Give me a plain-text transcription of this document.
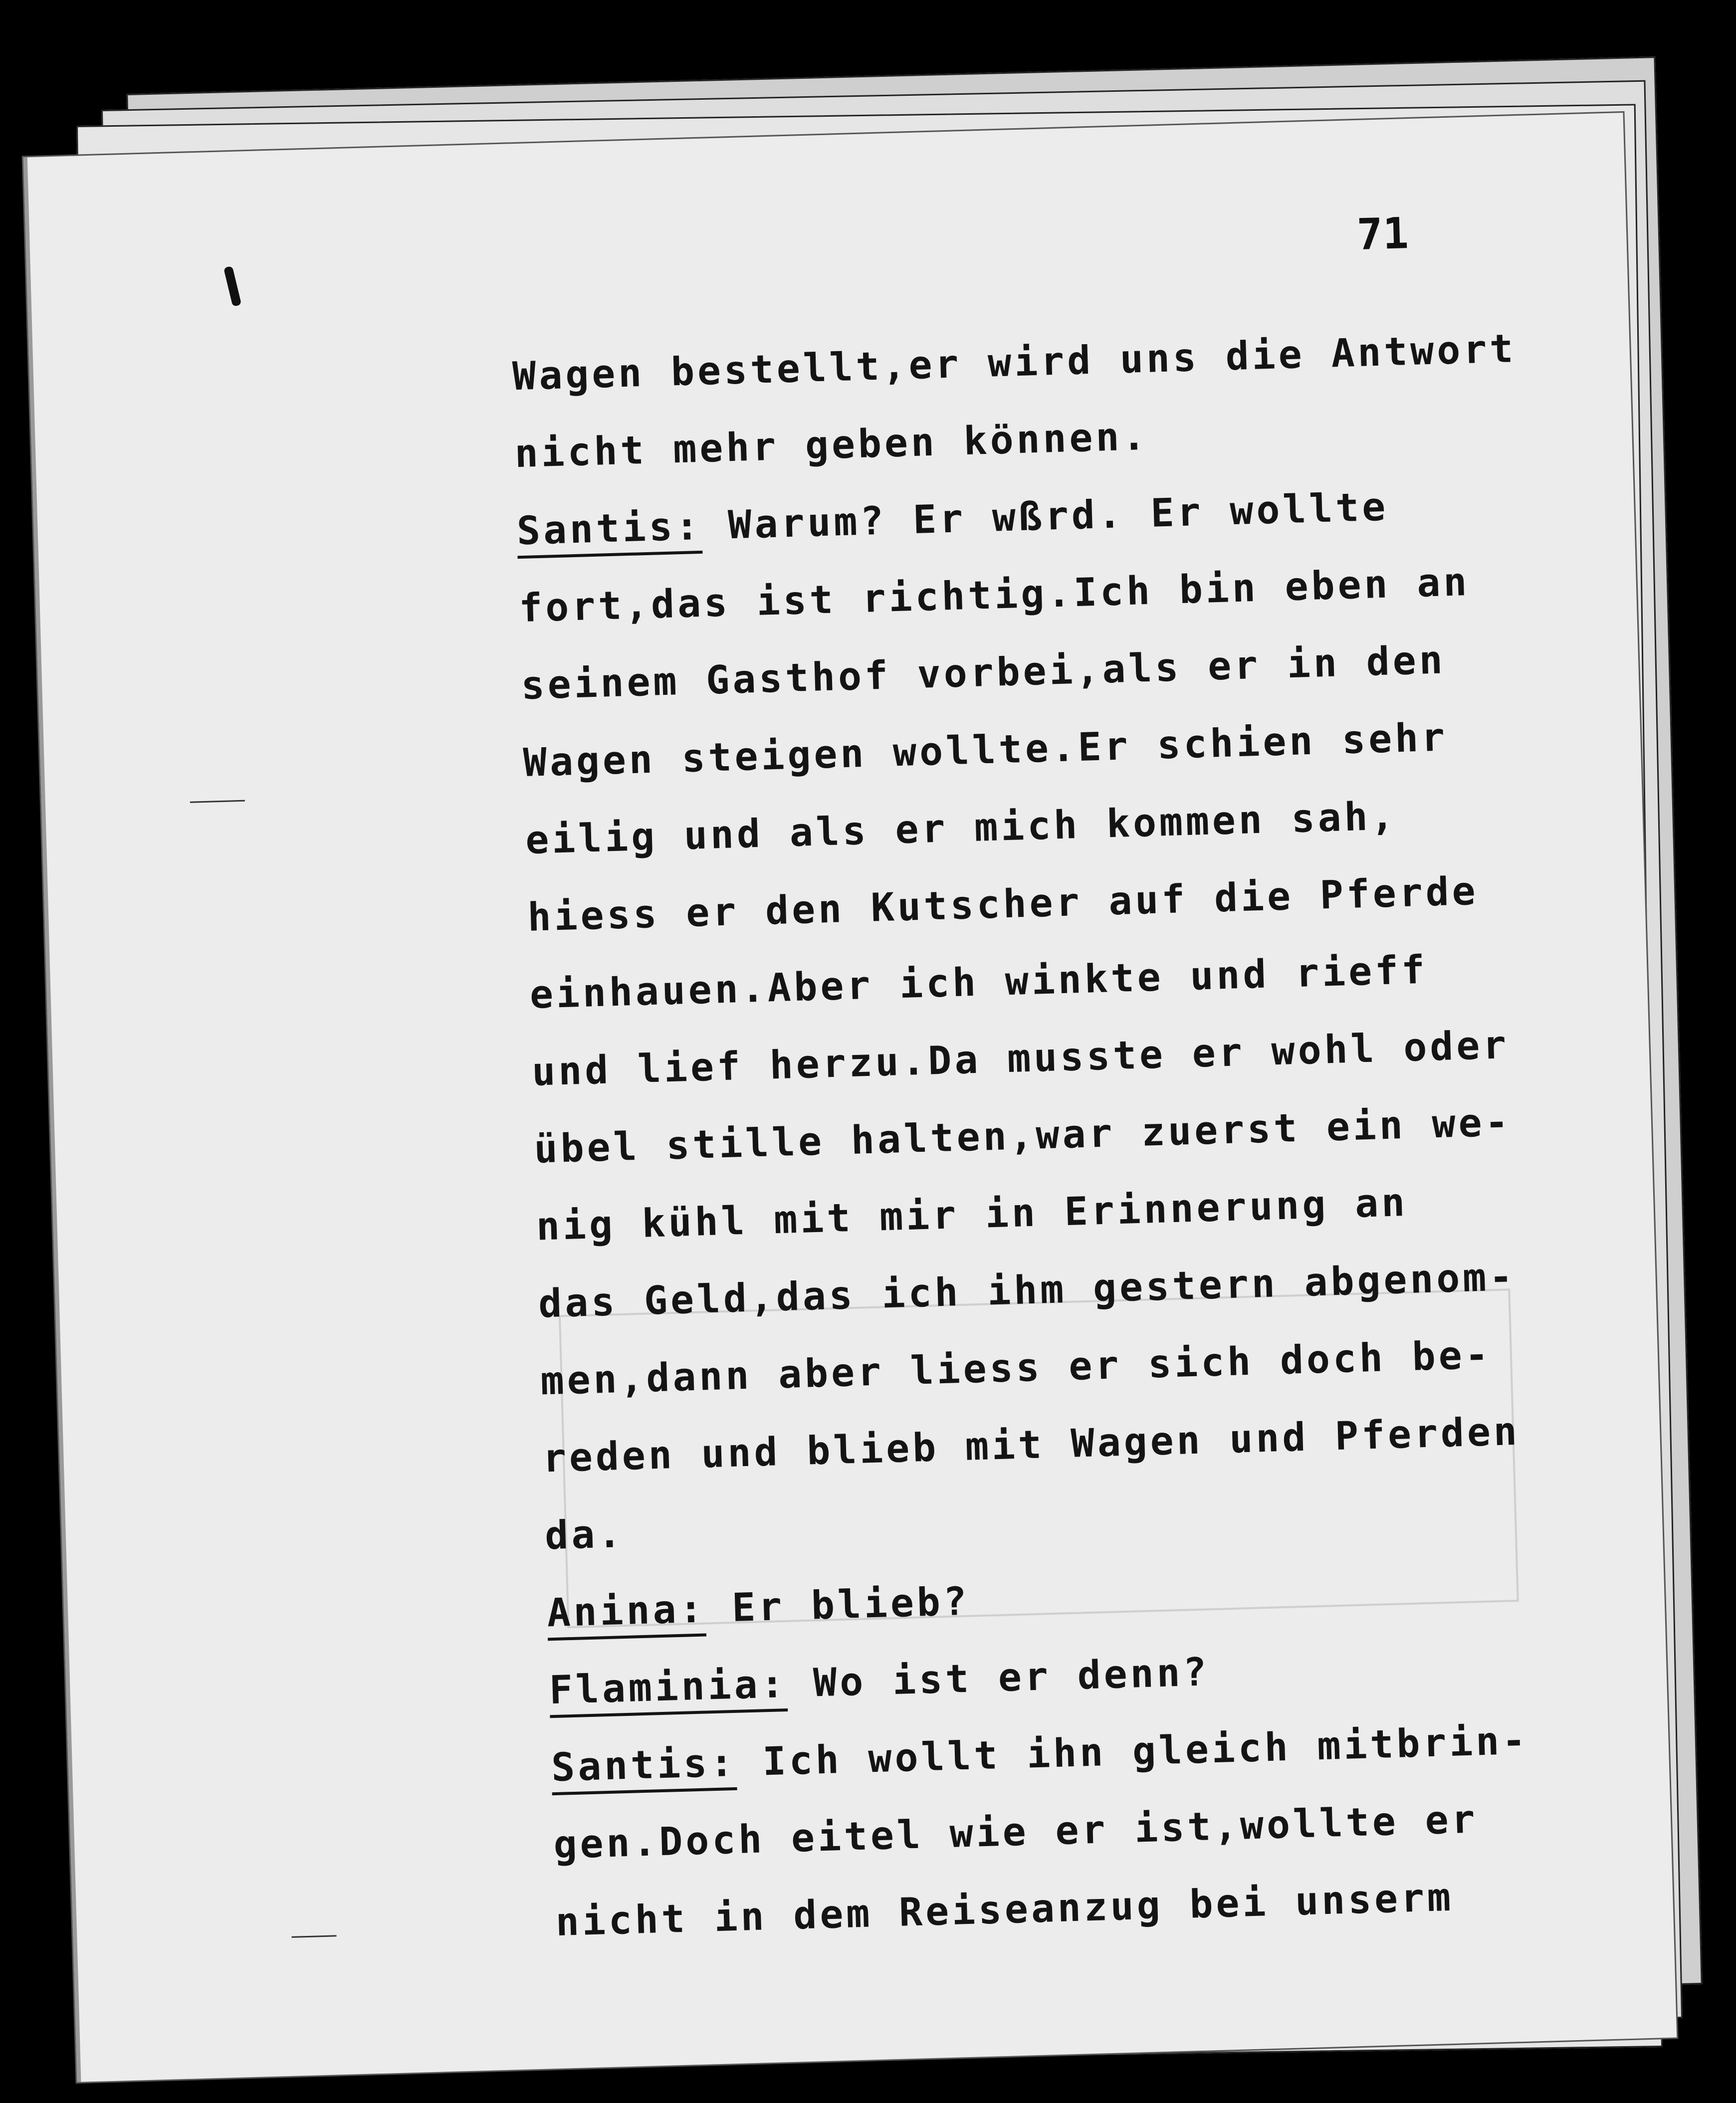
71
Wagen bestellt,er wird uns die Antwort
nicht mehr geben können.
Santis: Warum? Er wßrd. Er wollte
fort,das ist richtig.Ich bin eben an
seinem Gasthof vorbei,als er in den
Wagen steigen wollte.Er schien sehr
eilig und als er mich kommen sah,
hiess er den Kutscher auf die Pferde
einhauen.Aber ich winkte und rieff
und lief herzu.Da musste er wohl oder
übel stille halten,war zuerst ein we-
nig kühl mit mir in Erinnerung an
das Geld,das ich ihm gestern abgenom-
men,dann aber liess er sich doch be-
reden und blieb mit Wagen und Pferden
da.
Anina: Er blieb?
Flaminia: Wo ist er denn?
Santis: Ich wollt ihn gleich mitbrin-
gen.Doch eitel wie er ist,wollte er
nicht in dem Reiseanzug bei unserm
